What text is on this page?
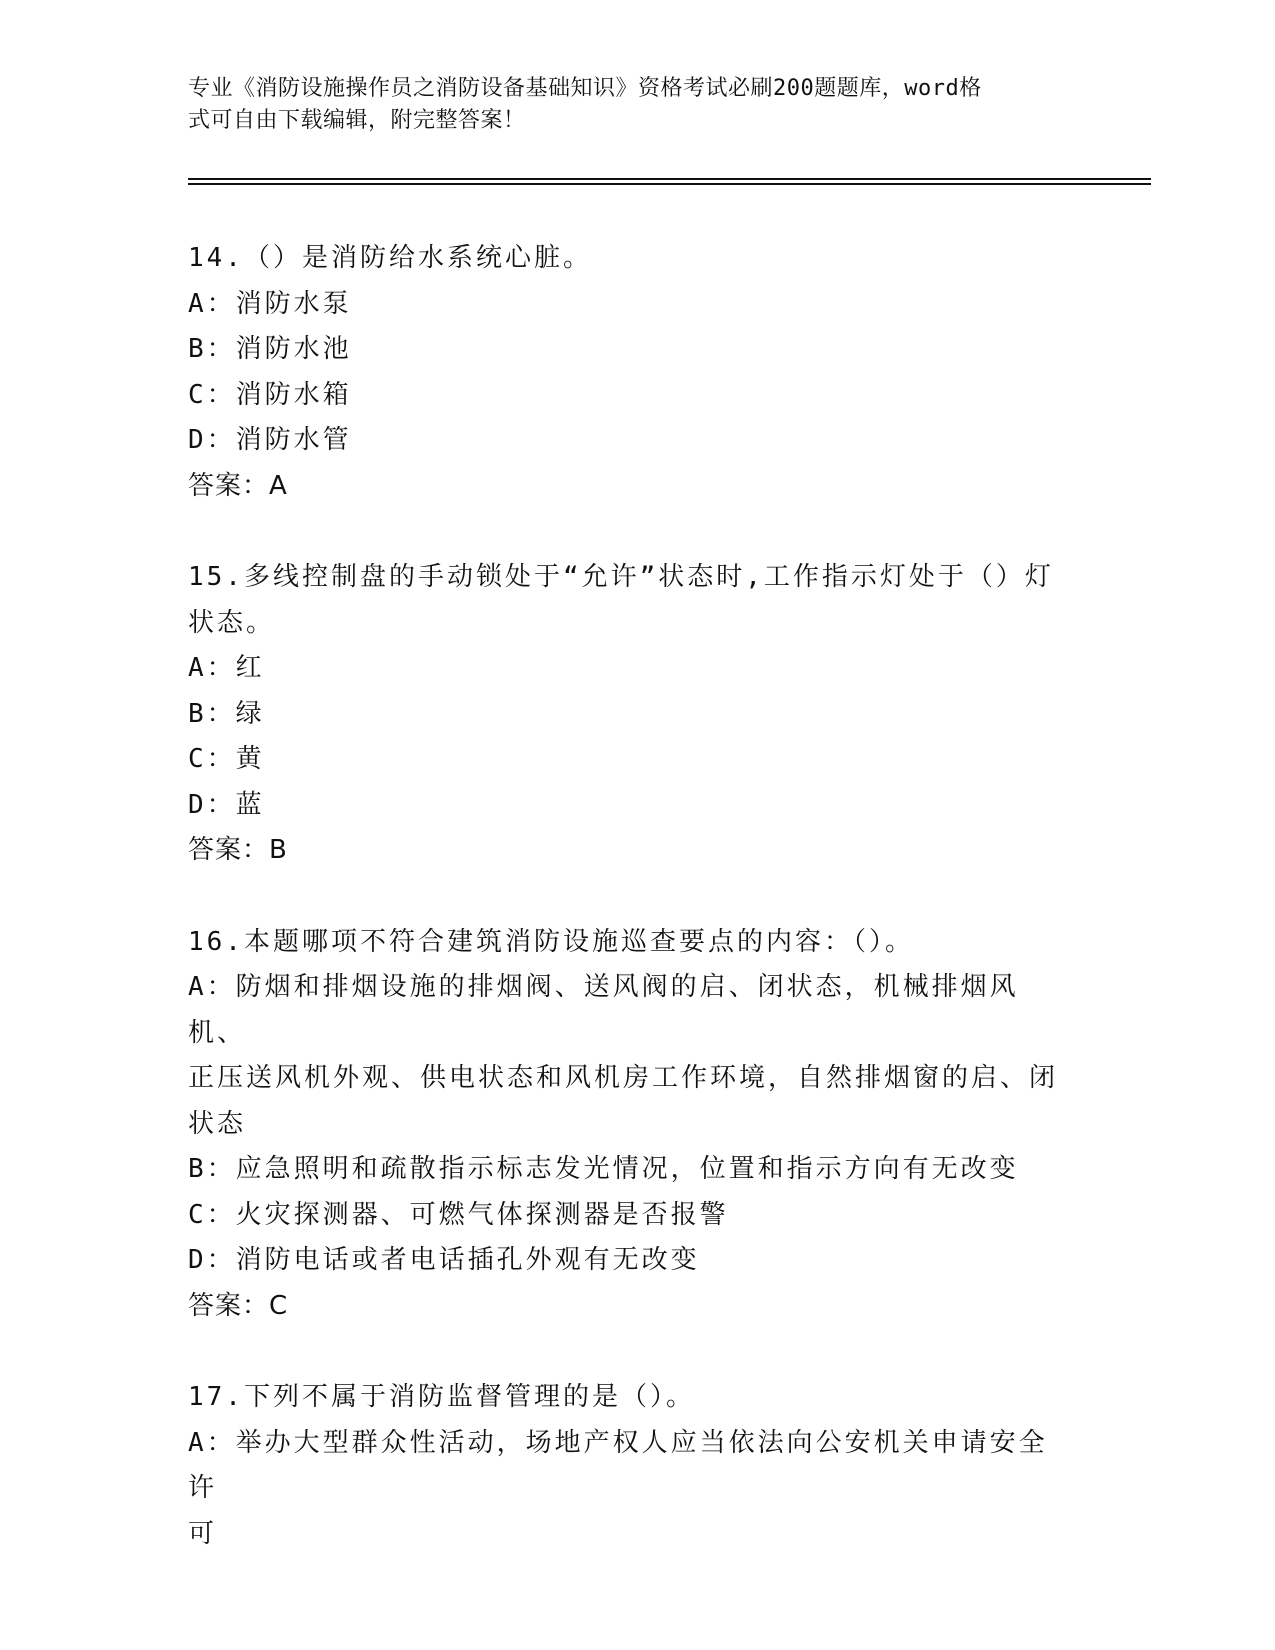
专业《消防设施操作员之消防设备基础知识》资格考试必刷200题题库，word格
式可自由下载编辑，附完整答案！
14.（）是消防给水系统心脏。
A：消防水泵
B：消防水池
C：消防水箱
D：消防水管
答案：A
15.多线控制盘的手动锁处于“允许”状态时,工作指示灯处于（）灯
状态。
A：红
B：绿
C：黄
D：蓝
答案：B
16.本题哪项不符合建筑消防设施巡查要点的内容：（）。
A：防烟和排烟设施的排烟阀、送风阀的启、闭状态，机械排烟风机、
正压送风机外观、供电状态和风机房工作环境，自然排烟窗的启、闭
状态
B：应急照明和疏散指示标志发光情况，位置和指示方向有无改变
C：火灾探测器、可燃气体探测器是否报警
D：消防电话或者电话插孔外观有无改变
答案：C
17.下列不属于消防监督管理的是（）。
A：举办大型群众性活动，场地产权人应当依法向公安机关申请安全许
可
